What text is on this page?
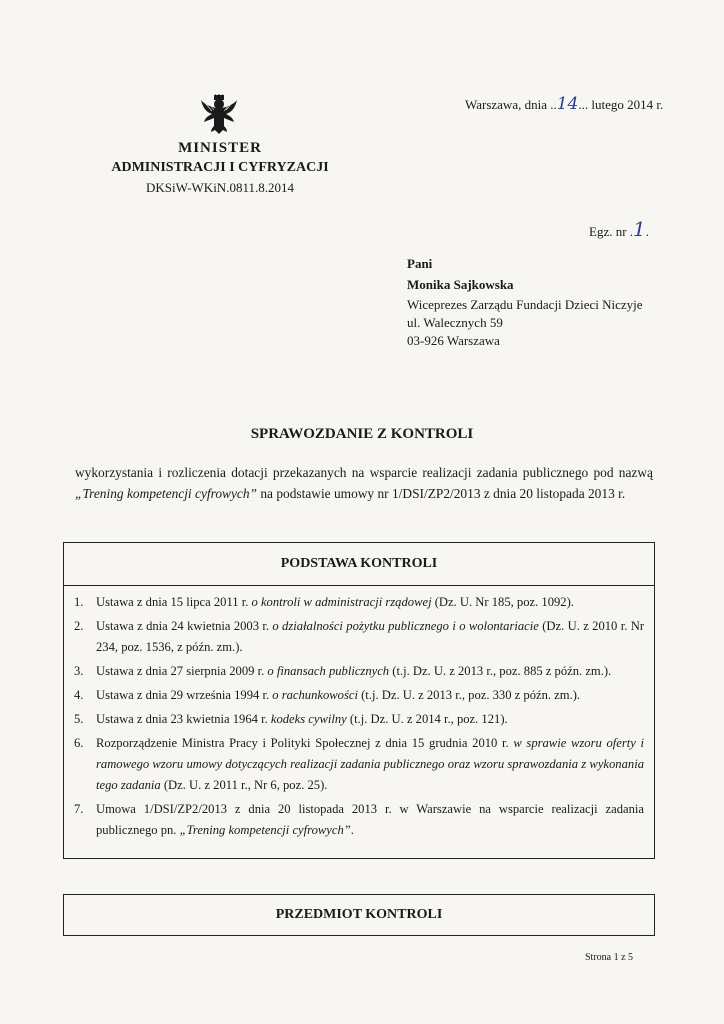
Warszawa, dnia ..14... lutego 2014 r.
MINISTER
ADMINISTRACJI I CYFRYZACJI
DKSiW-WKiN.0811.8.2014
Egz. nr .1.
Pani
Monika Sajkowska
Wiceprezes Zarządu Fundacji Dzieci Niczyje
ul. Walecznych 59
03-926 Warszawa
SPRAWOZDANIE Z KONTROLI
wykorzystania i rozliczenia dotacji przekazanych na wsparcie realizacji zadania publicznego pod nazwą „Trening kompetencji cyfrowych” na podstawie umowy nr 1/DSI/ZP2/2013 z dnia 20 listopada 2013 r.
PODSTAWA KONTROLI
1. Ustawa z dnia 15 lipca 2011 r. o kontroli w administracji rządowej (Dz. U. Nr 185, poz. 1092).
2. Ustawa z dnia 24 kwietnia 2003 r. o działalności pożytku publicznego i o wolontariacie (Dz. U. z 2010 r. Nr 234, poz. 1536, z późn. zm.).
3. Ustawa z dnia 27 sierpnia 2009 r. o finansach publicznych (t.j. Dz. U. z 2013 r., poz. 885 z późn. zm.).
4. Ustawa z dnia 29 września 1994 r. o rachunkowości (t.j. Dz. U. z 2013 r., poz. 330 z późn. zm.).
5. Ustawa z dnia 23 kwietnia 1964 r. kodeks cywilny (t.j. Dz. U. z 2014 r., poz. 121).
6. Rozporządzenie Ministra Pracy i Polityki Społecznej z dnia 15 grudnia 2010 r. w sprawie wzoru oferty i ramowego wzoru umowy dotyczących realizacji zadania publicznego oraz wzoru sprawozdania z wykonania tego zadania (Dz. U. z 2011 r., Nr 6, poz. 25).
7. Umowa 1/DSI/ZP2/2013 z dnia 20 listopada 2013 r. w Warszawie na wsparcie realizacji zadania publicznego pn. „Trening kompetencji cyfrowych”.
PRZEDMIOT KONTROLI
Strona 1 z 5
